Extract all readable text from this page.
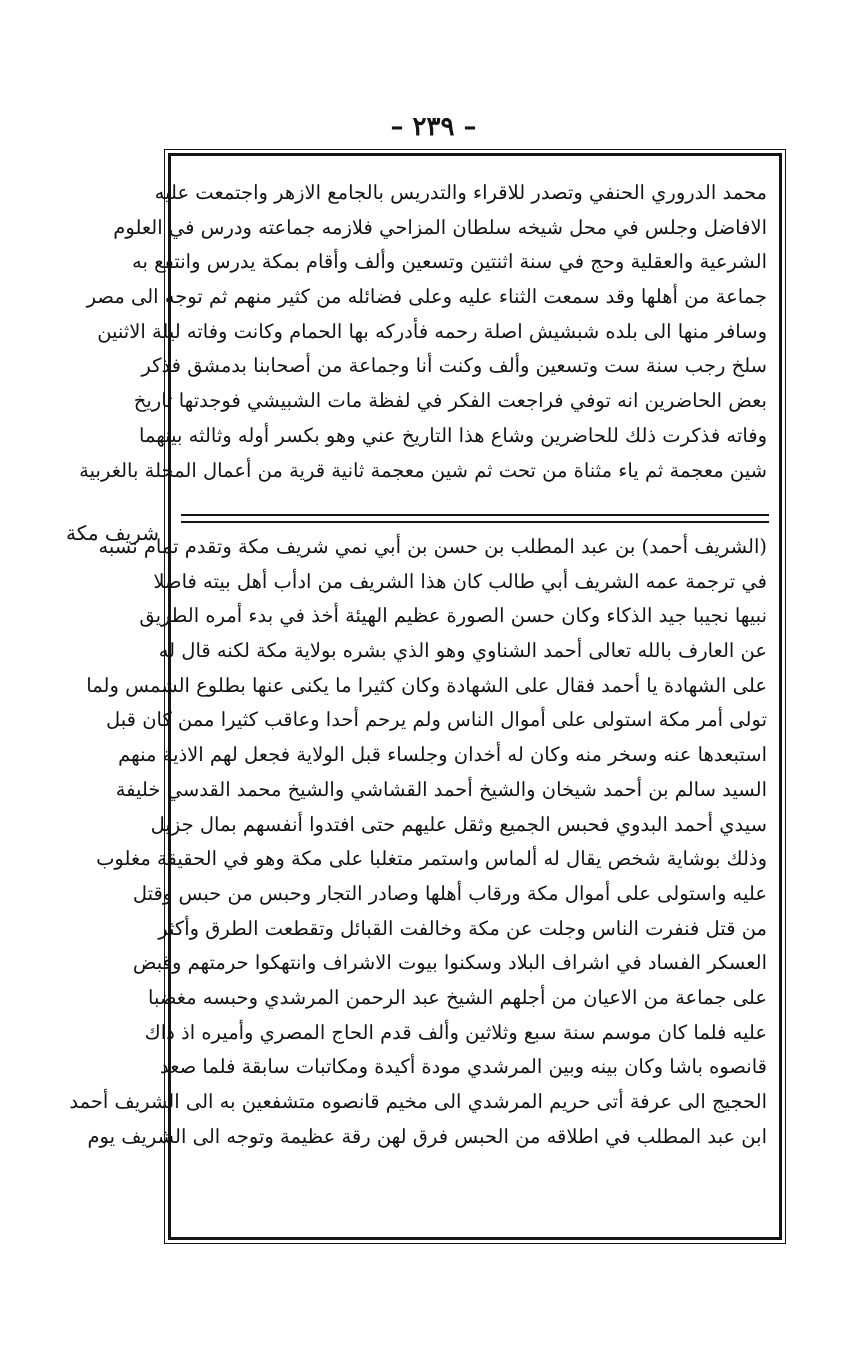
– ٢٣٩ –
شريف مكة
محمد الدروري الحنفي وتصدر للاقراء والتدريس بالجامع الازهر واجتمعت عليه
الافاضل وجلس في محل شيخه سلطان المزاحي فلازمه جماعته ودرس في العلوم
الشرعية والعقلية وحج في سنة اثنتين وتسعين وألف وأقام بمكة يدرس وانتفع به
جماعة من أهلها وقد سمعت الثناء عليه وعلى فضائله من كثير منهم ثم توجه الى مصر
وسافر منها الى بلده شبشيش اصلة رحمه فأدركه بها الحمام وكانت وفاته ليلة الاثنين
سلخ رجب سنة ست وتسعين وألف وكنت أنا وجماعة من أصحابنا بدمشق فذكر
بعض الحاضرين انه توفي فراجعت الفكر في لفظة مات الشبيشي فوجدتها تاريخ
وفاته فذكرت ذلك للحاضرين وشاع هذا التاريخ عني وهو بكسر أوله وثالثه بينهما
شين معجمة ثم ياء مثناة من تحت ثم شين معجمة ثانية قرية من أعمال المحلة بالغربية
(الشريف أحمد) بن عبد المطلب بن حسن بن أبي نمي شريف مكة وتقدم تمام نسبه
في ترجمة عمه الشريف أبي طالب كان هذا الشريف من ادأب أهل بيته فاضلا
نبيها نجيبا جيد الذكاء وكان حسن الصورة عظيم الهيئة أخذ في بدء أمره الطريق
عن العارف بالله تعالى أحمد الشناوي وهو الذي بشره بولاية مكة لكنه قال له
على الشهادة يا أحمد فقال على الشهادة وكان كثيرا ما يكنى عنها بطلوع الشمس ولما
تولى أمر مكة استولى على أموال الناس ولم يرحم أحدا وعاقب كثيرا ممن كان قبل
استبعدها عنه وسخر منه وكان له أخدان وجلساء قبل الولاية فجعل لهم الاذية منهم
السيد سالم بن أحمد شيخان والشيخ أحمد القشاشي والشيخ محمد القدسي خليفة
سيدي أحمد البدوي فحبس الجميع وثقل عليهم حتى افتدوا أنفسهم بمال جزيل
وذلك بوشاية شخص يقال له ألماس واستمر متغلبا على مكة وهو في الحقيقة مغلوب
عليه واستولى على أموال مكة ورقاب أهلها وصادر التجار وحبس من حبس وقتل
من قتل فنفرت الناس وجلت عن مكة وخالفت القبائل وتقطعت الطرق وأكثر
العسكر الفساد في اشراف البلاد وسكنوا بيوت الاشراف وانتهكوا حرمتهم وقبض
على جماعة من الاعيان من أجلهم الشيخ عبد الرحمن المرشدي وحبسه مغضبا
عليه فلما كان موسم سنة سبع وثلاثين وألف قدم الحاج المصري وأميره اذ ذاك
قانصوه باشا وكان بينه وبين المرشدي مودة أكيدة ومكاتبات سابقة فلما صعد
الحجيج الى عرفة أتى حريم المرشدي الى مخيم قانصوه متشفعين به الى الشريف أحمد
ابن عبد المطلب في اطلاقه من الحبس فرق لهن رقة عظيمة وتوجه الى الشريف يوم
